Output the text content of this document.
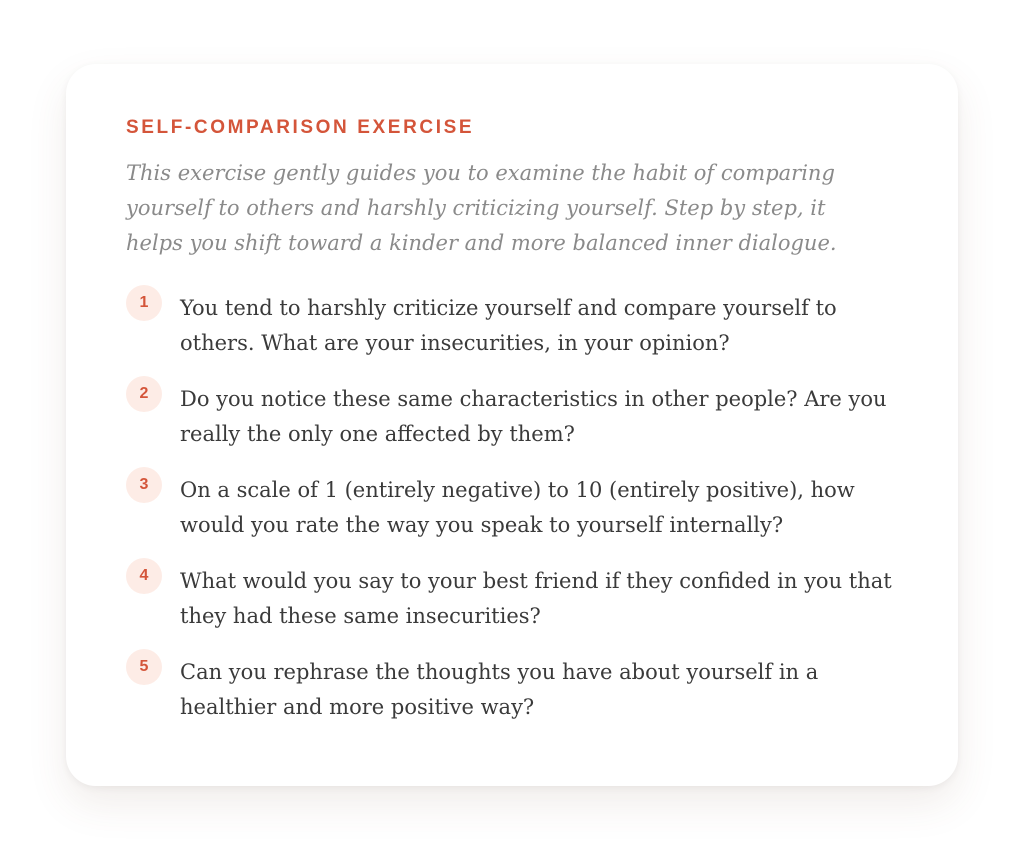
SELF-COMPARISON EXERCISE

This exercise gently guides you to examine the habit of comparing yourself to others and harshly criticizing yourself. Step by step, it helps you shift toward a kinder and more balanced inner dialogue.

1	You tend to harshly criticize yourself and compare yourself to others. What are your insecurities, in your opinion?
2	Do you notice these same characteristics in other people? Are you really the only one affected by them?
3	On a scale of 1 (entirely negative) to 10 (entirely positive), how would you rate the way you speak to yourself internally?
4	What would you say to your best friend if they confided in you that they had these same insecurities?
5	Can you rephrase the thoughts you have about yourself in a healthier and more positive way?
